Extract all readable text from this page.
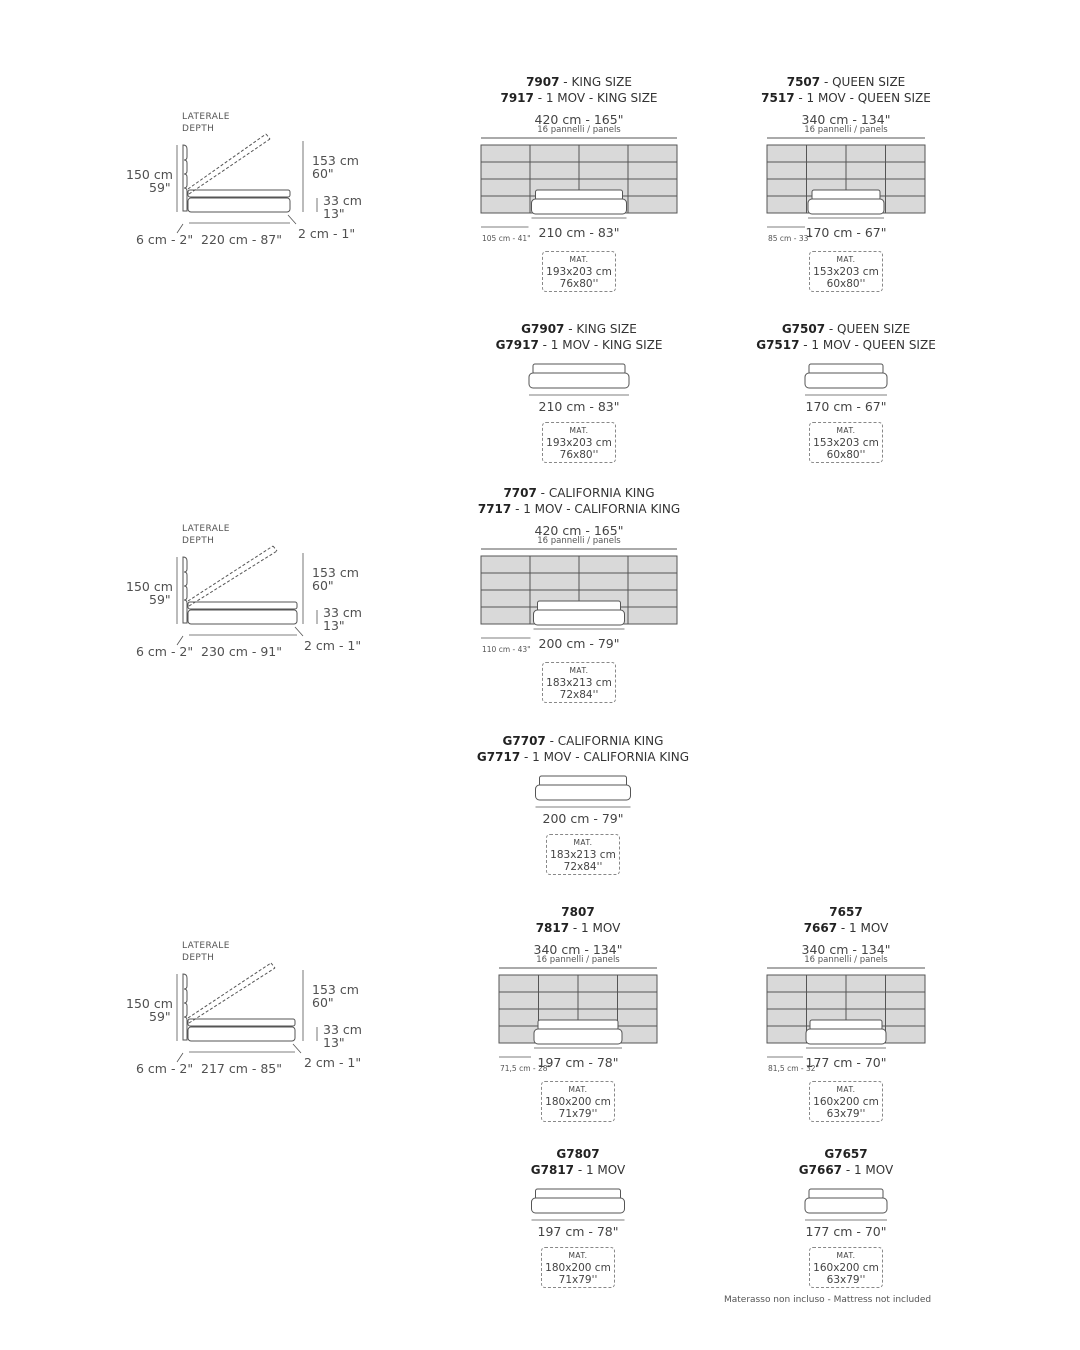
LATERALE
DEPTH
150 cm
59"
153 cm
60"
33 cm
13"
2 cm - 1"
6 cm - 2" 220 cm - 87"
LATERALE
DEPTH
150 cm
59"
153 cm
60"
33 cm
13"
2 cm - 1"
6 cm - 2" 230 cm - 91"
LATERALE
DEPTH
150 cm
59"
153 cm
60"
33 cm
13"
2 cm - 1"
6 cm - 2" 217 cm - 85"
7907 - KING SIZE
7917 - 1 MOV - KING SIZE
420 cm - 165"
16 pannelli / panels
105 cm - 41" 210 cm - 83"
MAT.
193x203 cm
76x80''
7507 - QUEEN SIZE
7517 - 1 MOV - QUEEN SIZE
340 cm - 134"
16 pannelli / panels
85 cm - 33"
170 cm - 67"
MAT.
153x203 cm
60x80''
7707 - CALIFORNIA KING
7717 - 1 MOV - CALIFORNIA KING
420 cm - 165"
16 pannelli / panels
110 cm - 43" 200 cm - 79"
MAT.
183x213 cm
72x84''
7807
7817 - 1 MOV
340 cm - 134"
16 pannelli / panels
71,5 cm - 28"
197 cm - 78"
MAT.
180x200 cm
71x79''
7657
7667 - 1 MOV
340 cm - 134"
16 pannelli / panels
81,5 cm - 32"
177 cm - 70"
MAT.
160x200 cm
63x79''
G7907 - KING SIZE
G7917 - 1 MOV - KING SIZE
210 cm - 83"
MAT.
193x203 cm
76x80''
G7507 - QUEEN SIZE
G7517 - 1 MOV - QUEEN SIZE
170 cm - 67"
MAT.
153x203 cm
60x80''
G7707 - CALIFORNIA KING
G7717 - 1 MOV - CALIFORNIA KING
200 cm - 79"
MAT.
183x213 cm
72x84''
G7807
G7817 - 1 MOV
197 cm - 78"
MAT.
180x200 cm
71x79''
G7657
G7667 - 1 MOV
177 cm - 70"
MAT.
160x200 cm
63x79''
Materasso non incluso - Mattress not included
